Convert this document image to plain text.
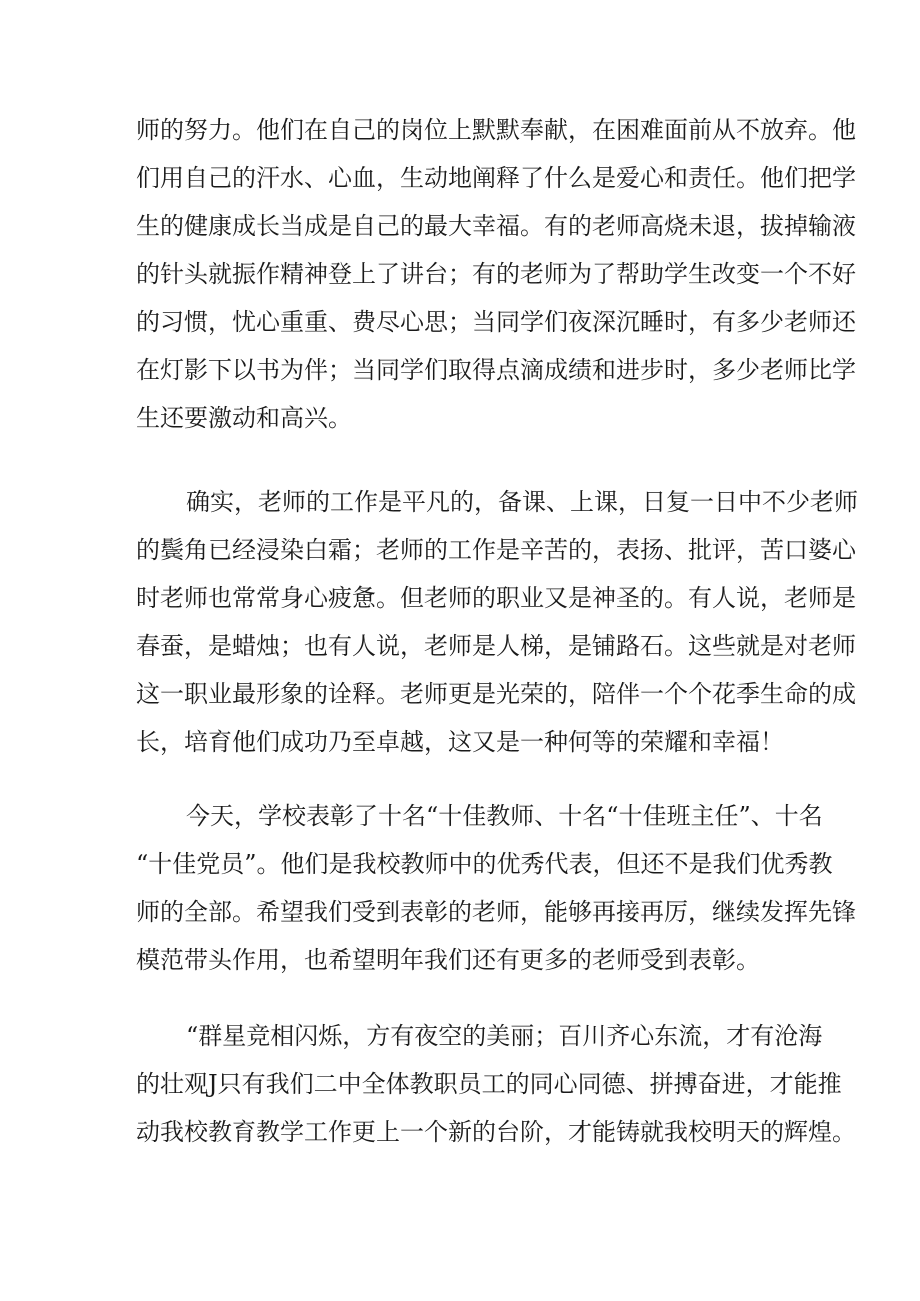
师的努力。他们在自己的岗位上默默奉献，在困难面前从不放弃。他

们用自己的汗水、心血，生动地阐释了什么是爱心和责任。他们把学

生的健康成长当成是自己的最大幸福。有的老师高烧未退，拔掉输液

的针头就振作精神登上了讲台；有的老师为了帮助学生改变一个不好

的习惯，忧心重重、费尽心思；当同学们夜深沉睡时，有多少老师还

在灯影下以书为伴；当同学们取得点滴成绩和进步时，多少老师比学

生还要激动和高兴。

确实，老师的工作是平凡的，备课、上课，日复一日中不少老师

的鬓角已经浸染白霜；老师的工作是辛苦的，表扬、批评，苦口婆心

时老师也常常身心疲惫。但老师的职业又是神圣的。有人说，老师是

春蚕，是蜡烛；也有人说，老师是人梯，是铺路石。这些就是对老师

这一职业最形象的诠释。老师更是光荣的，陪伴一个个花季生命的成

长，培育他们成功乃至卓越，这又是一种何等的荣耀和幸福！

今天，学校表彰了十名“十佳教师、十名“十佳班主任”、十名

“十佳党员”。他们是我校教师中的优秀代表，但还不是我们优秀教

师的全部。希望我们受到表彰的老师，能够再接再厉，继续发挥先锋

模范带头作用，也希望明年我们还有更多的老师受到表彰。

“群星竞相闪烁，方有夜空的美丽；百川齐心东流，才有沧海

的壮观J只有我们二中全体教职员工的同心同德、拼搏奋进，才能推

动我校教育教学工作更上一个新的台阶，才能铸就我校明天的辉煌。
